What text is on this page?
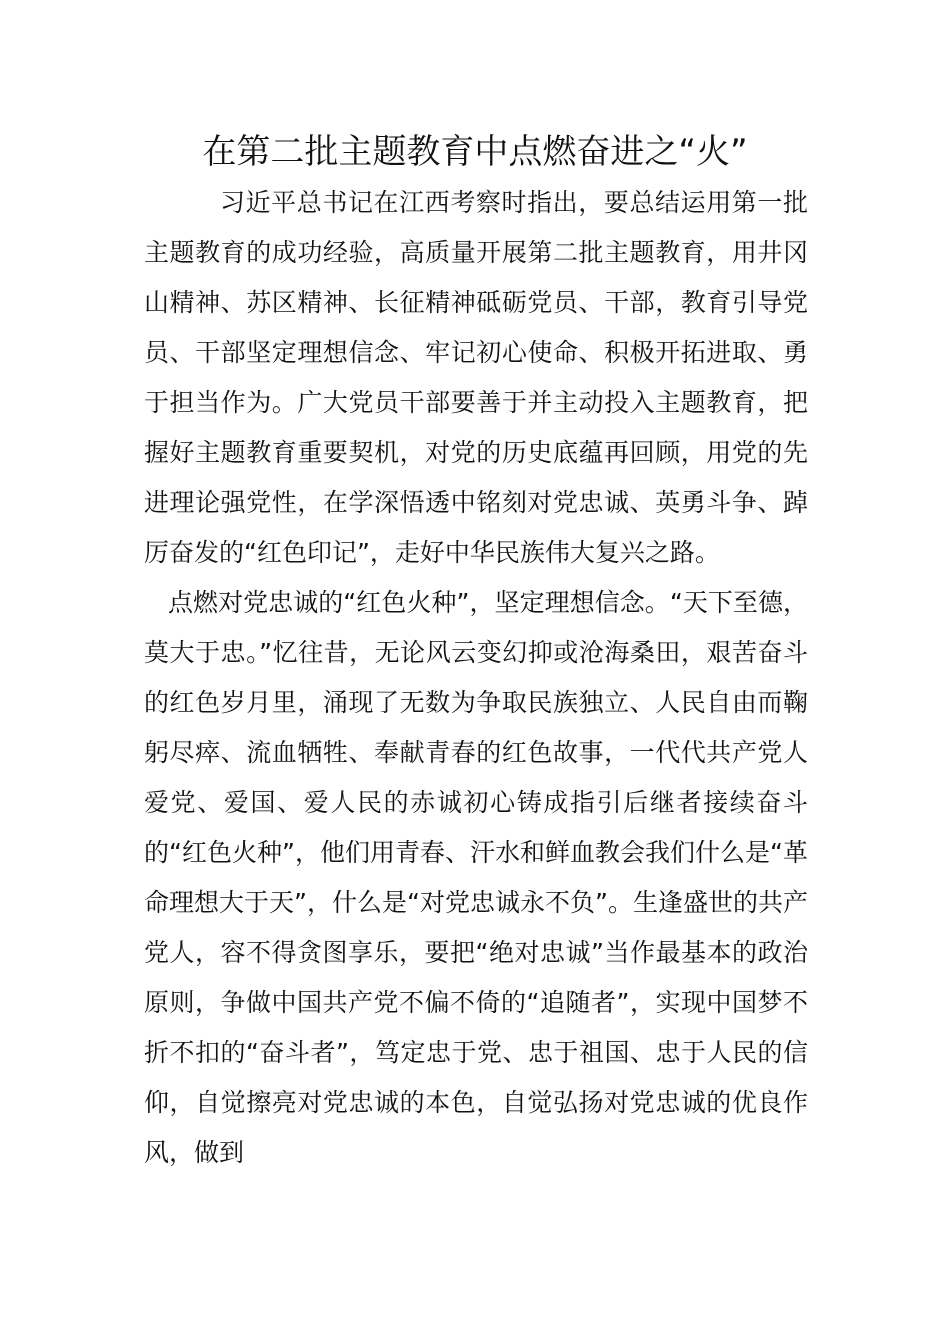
在第二批主题教育中点燃奋进之“火”

习近平总书记在江西考察时指出，要总结运用第一批主题教育的成功经验，高质量开展第二批主题教育，用井冈山精神、苏区精神、长征精神砥砺党员、干部，教育引导党员、干部坚定理想信念、牢记初心使命、积极开拓进取、勇于担当作为。广大党员干部要善于并主动投入主题教育，把握好主题教育重要契机，对党的历史底蕴再回顾，用党的先进理论强党性，在学深悟透中铭刻对党忠诚、英勇斗争、踔厉奋发的“红色印记”，走好中华民族伟大复兴之路。

点燃对党忠诚的“红色火种”，坚定理想信念。“天下至德，莫大于忠。”忆往昔，无论风云变幻抑或沧海桑田，艰苦奋斗的红色岁月里，涌现了无数为争取民族独立、人民自由而鞠躬尽瘁、流血牺牲、奉献青春的红色故事，一代代共产党人爱党、爱国、爱人民的赤诚初心铸成指引后继者接续奋斗的“红色火种”，他们用青春、汗水和鲜血教会我们什么是“革命理想大于天”，什么是“对党忠诚永不负”。生逢盛世的共产党人，容不得贪图享乐，要把“绝对忠诚”当作最基本的政治原则，争做中国共产党不偏不倚的“追随者”，实现中国梦不折不扣的“奋斗者”，笃定忠于党、忠于祖国、忠于人民的信仰，自觉擦亮对党忠诚的本色，自觉弘扬对党忠诚的优良作风，做到
